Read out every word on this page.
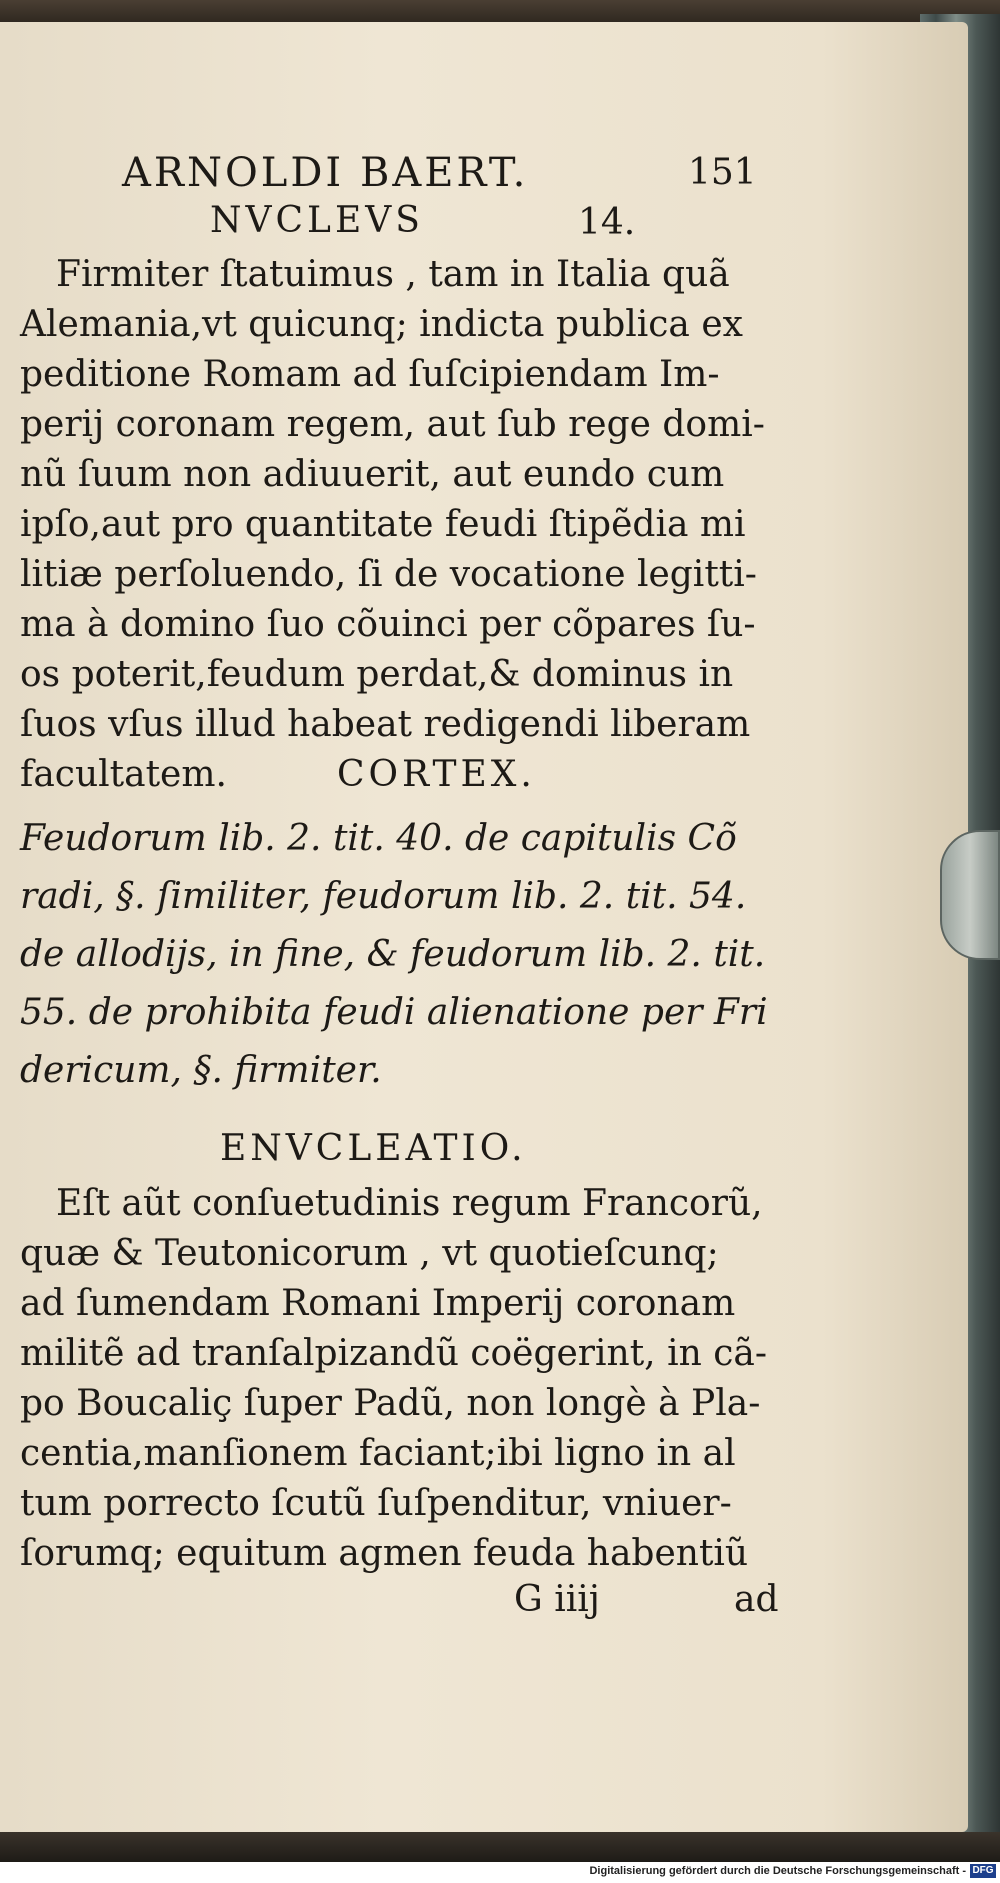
ARNOLDI BAERT.	151
NVCLEVS	14.

Firmiter ſtatuimus , tam in Italia quã
Alemania,vt quicunq; indicta publica ex
peditione Romam ad ſuſcipiendam Im-
perij coronam regem, aut ſub rege domi-
nũ ſuum non adiuuerit, aut eundo cum
ipſo,aut pro quantitate feudi ſtipẽdia mi
litiæ perſoluendo, ſi de vocatione legitti-
ma à domino ſuo cõuinci per cõpares ſu-
os poterit,feudum perdat,& dominus in
ſuos vſus illud habeat redigendi liberam
facultatem.	CORTEX.

Feudorum lib. 2. tit. 40. de capitulis Cõ
radi, §. ſimiliter, feudorum lib. 2. tit. 54.
de allodijs, in fine, & feudorum lib. 2. tit.
55. de prohibita feudi alienatione per Fri
dericum, §. firmiter.

ENVCLEATIO.

Eſt aũt conſuetudinis regum Francorũ,
quæ & Teutonicorum , vt quotieſcunq;
ad ſumendam Romani Imperij coronam
militẽ ad tranſalpizandũ coëgerint, in cã-
po Boucaliç ſuper Padũ, non longè à Pla-
centia,manſionem faciant;ibi ligno in al
tum porrecto ſcutũ ſuſpenditur, vniuer-
ſorumq; equitum agmen feuda habentiũ

G iiij	ad
Digitalisierung gefördert durch die Deutsche Forschungsgemeinschaft - DFG
